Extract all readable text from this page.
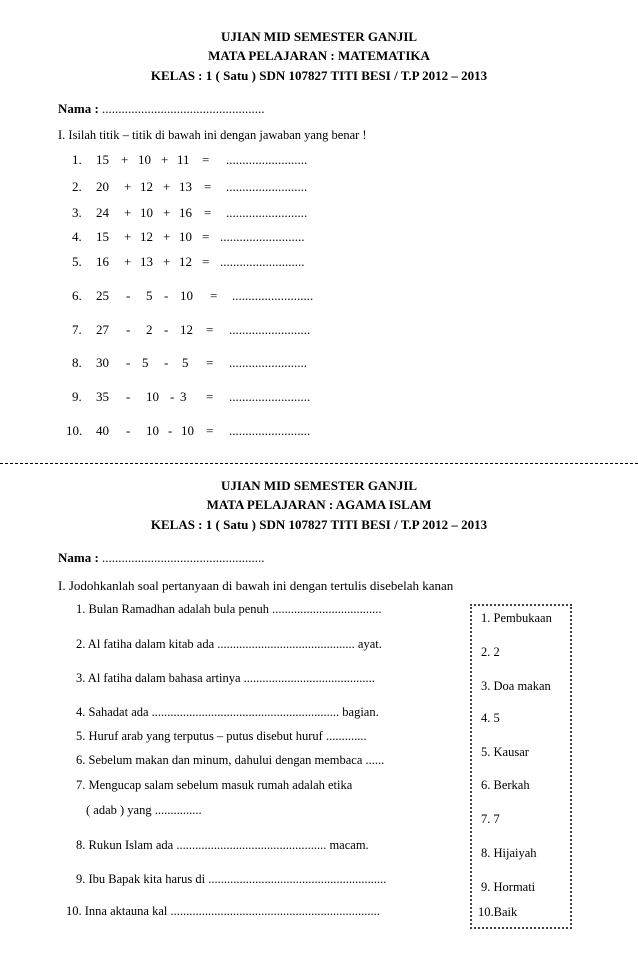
UJIAN MID SEMESTER GANJIL
MATA PELAJARAN : MATEMATIKA
KELAS : 1 ( Satu ) SDN 107827 TITI BESI / T.P 2012 – 2013
Nama : ..................................................
I. Isilah titik – titik di bawah ini dengan jawaban yang benar !
1. 15 + 10 + 11 = .........................
2. 20 + 12 + 13 = .........................
3. 24 + 10 + 16 = .........................
4. 15 + 12 + 10 = ..........................
5. 16 + 13 + 12 = ..........................
6. 25 - 5 - 10 = .........................
7. 27 - 2 - 12 = .........................
8. 30 - 5 - 5 = ........................
9. 35 - 10 - 3 = .........................
10. 40 - 10 - 10 = .........................
UJIAN MID SEMESTER GANJIL
MATA PELAJARAN : AGAMA ISLAM
KELAS : 1 ( Satu ) SDN 107827 TITI BESI / T.P 2012 – 2013
Nama : ..................................................
I. Jodohkanlah soal pertanyaan di bawah ini dengan tertulis disebelah kanan
1. Bulan Ramadhan adalah bula penuh ...................................
2. Al fatiha dalam kitab ada ............................................ ayat.
3. Al fatiha dalam bahasa artinya ..........................................
4. Sahadat ada ............................................................ bagian.
5. Huruf arab yang terputus – putus disebut huruf .............
6. Sebelum makan dan minum, dahului dengan membaca ......
7. Mengucap salam sebelum masuk rumah adalah etika
( adab ) yang ...............
8. Rukun Islam ada ................................................ macam.
9. Ibu Bapak kita harus di .........................................................
10. Inna aktauna kal ...................................................................
1. Pembukaan
2. 2
3. Doa makan
4. 5
5. Kausar
6. Berkah
7. 7
8. Hijaiyah
9. Hormati
10.Baik
